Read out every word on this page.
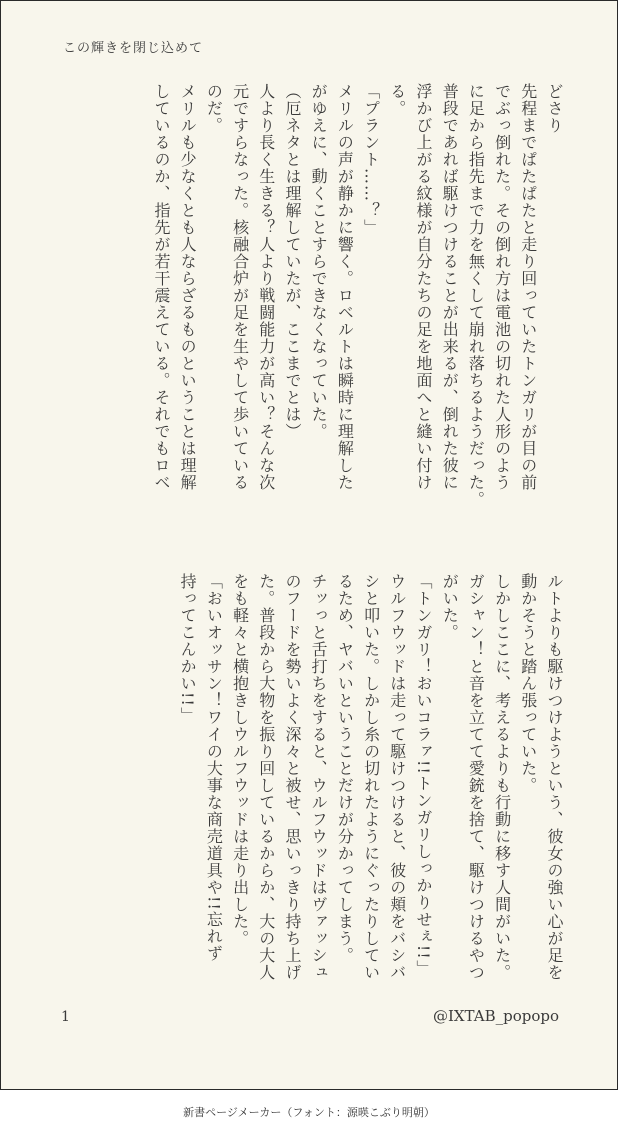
この輝きを閉じ込めて

どさり

先程までぱたぱたと走り回っていたトンガリが目の前

でぶっ倒れた。その倒れ方は電池の切れた人形のよう

に足から指先まで力を無くして崩れ落ちるようだった。

普段であれば駆けつけることが出来るが、倒れた彼に

浮かび上がる紋様が自分たちの足を地面へと縫い付け

る。

「プラント……？」

メリルの声が静かに響く。ロベルトは瞬時に理解した

がゆえに、動くことすらできなくなっていた。

（厄ネタとは理解していたが、ここまでとは）

人より長く生きる？人より戦闘能力が高い？そんな次

元ですらなった。核融合炉が足を生やして歩いている

のだ。

メリルも少なくとも人ならざるものということは理解

しているのか、指先が若干震えている。それでもロベ

ルトよりも駆けつけようという、彼女の強い心が足を

動かそうと踏ん張っていた。

しかしここに、考えるよりも行動に移す人間がいた。

ガシャン！と音を立てて愛銃を捨て、駆けつけるやつ

がいた。

「トンガリ！おいコラァ!!トンガリしっかりせぇ!!」

ウルフウッドは走って駆けつけると、彼の頬をバシバ

シと叩いた。しかし糸の切れたようにぐったりしてい

るため、ヤバいということだけが分かってしまう。

チッっと舌打ちをすると、ウルフウッドはヴァッシュ

のフードを勢いよく深々と被せ、思いっきり持ち上げ

た。普段から大物を振り回しているからか、大の大人

をも軽々と横抱きしウルフウッドは走り出した。

「おいオッサン！ワイの大事な商売道具や!!忘れず

持ってこんかい!!」

1	@IXTAB_popopo
新書ページメーカー（フォント：源暎こぶり明朝）
